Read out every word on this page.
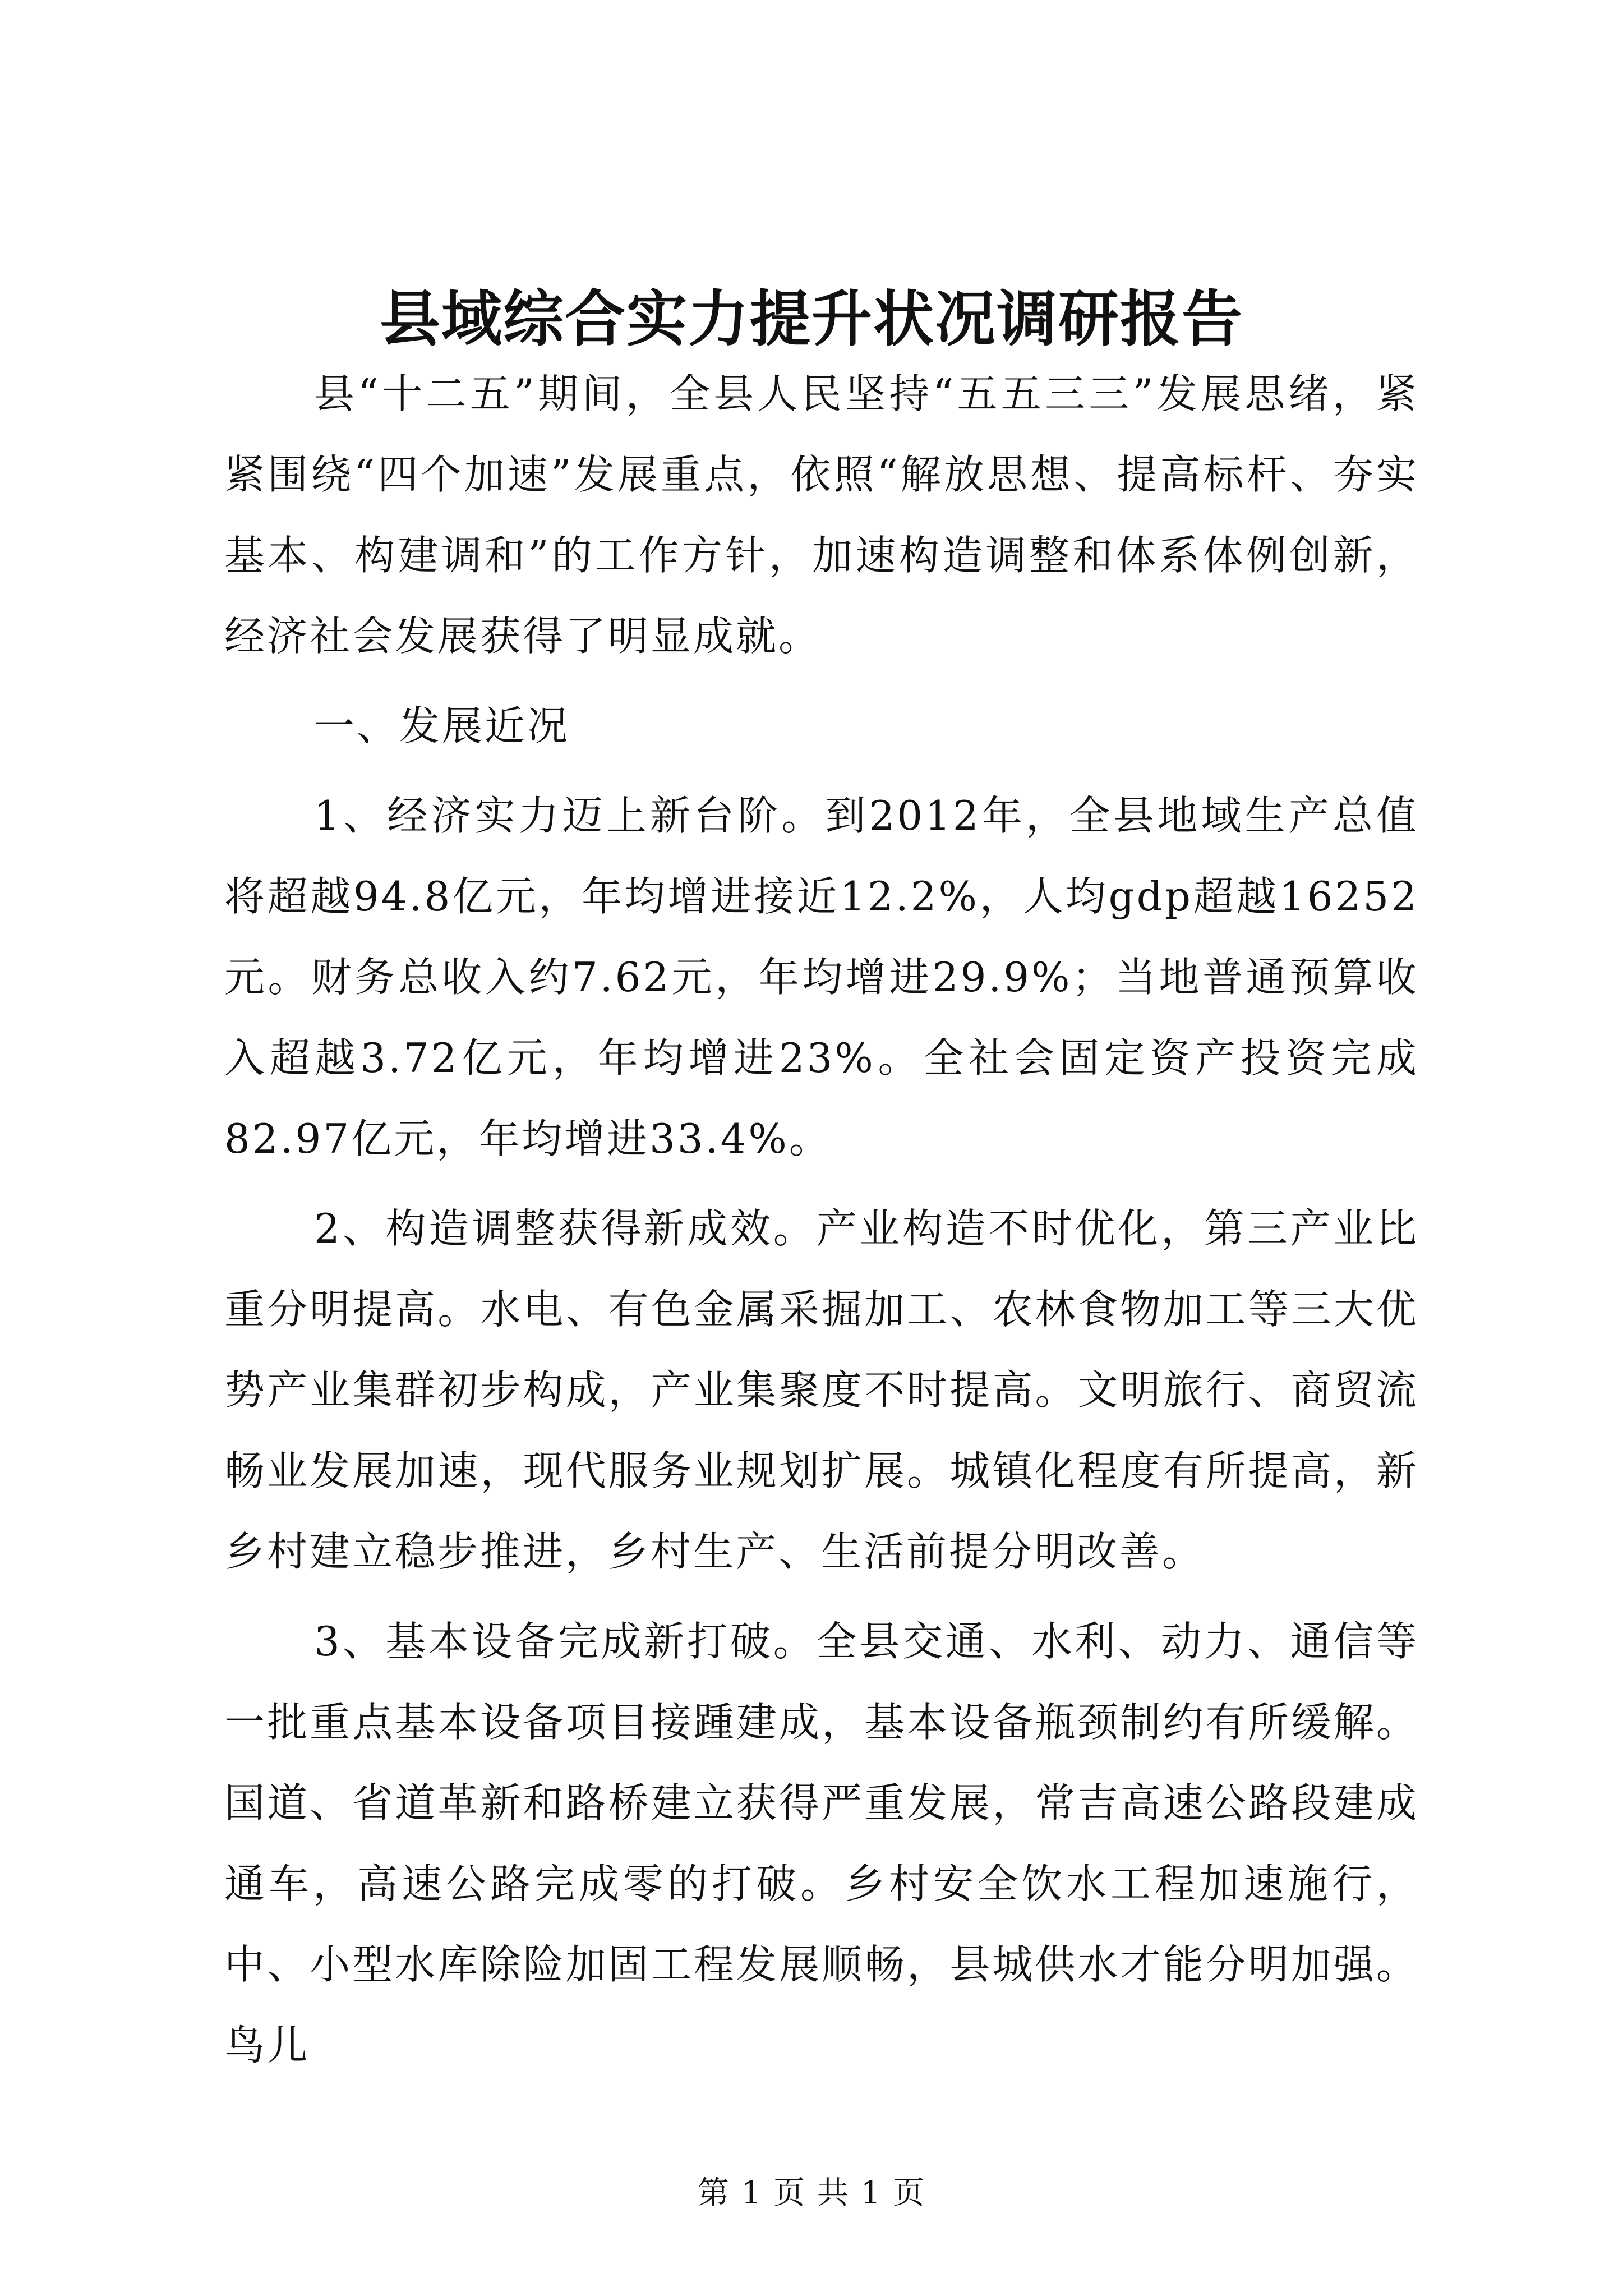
县域综合实力提升状况调研报告

县“十二五”期间，全县人民坚持“五五三三”发展思绪，紧紧围绕“四个加速”发展重点，依照“解放思想、提高标杆、夯实基本、构建调和”的工作方针，加速构造调整和体系体例创新，经济社会发展获得了明显成就。

一、发展近况

1、经济实力迈上新台阶。到2012年，全县地域生产总值将超越94.8亿元，年均增进接近12.2%，人均gdp超越16252元。财务总收入约7.62元，年均增进29.9%；当地普通预算收入超越3.72亿元，年均增进23%。全社会固定资产投资完成82.97亿元，年均增进33.4%。

2、构造调整获得新成效。产业构造不时优化，第三产业比重分明提高。水电、有色金属采掘加工、农林食物加工等三大优势产业集群初步构成，产业集聚度不时提高。文明旅行、商贸流畅业发展加速，现代服务业规划扩展。城镇化程度有所提高，新乡村建立稳步推进，乡村生产、生活前提分明改善。

3、基本设备完成新打破。全县交通、水利、动力、通信等一批重点基本设备项目接踵建成，基本设备瓶颈制约有所缓解。国道、省道革新和路桥建立获得严重发展，常吉高速公路段建成通车，高速公路完成零的打破。乡村安全饮水工程加速施行，中、小型水库除险加固工程发展顺畅，县城供水才能分明加强。鸟儿

第 1 页 共 1 页
